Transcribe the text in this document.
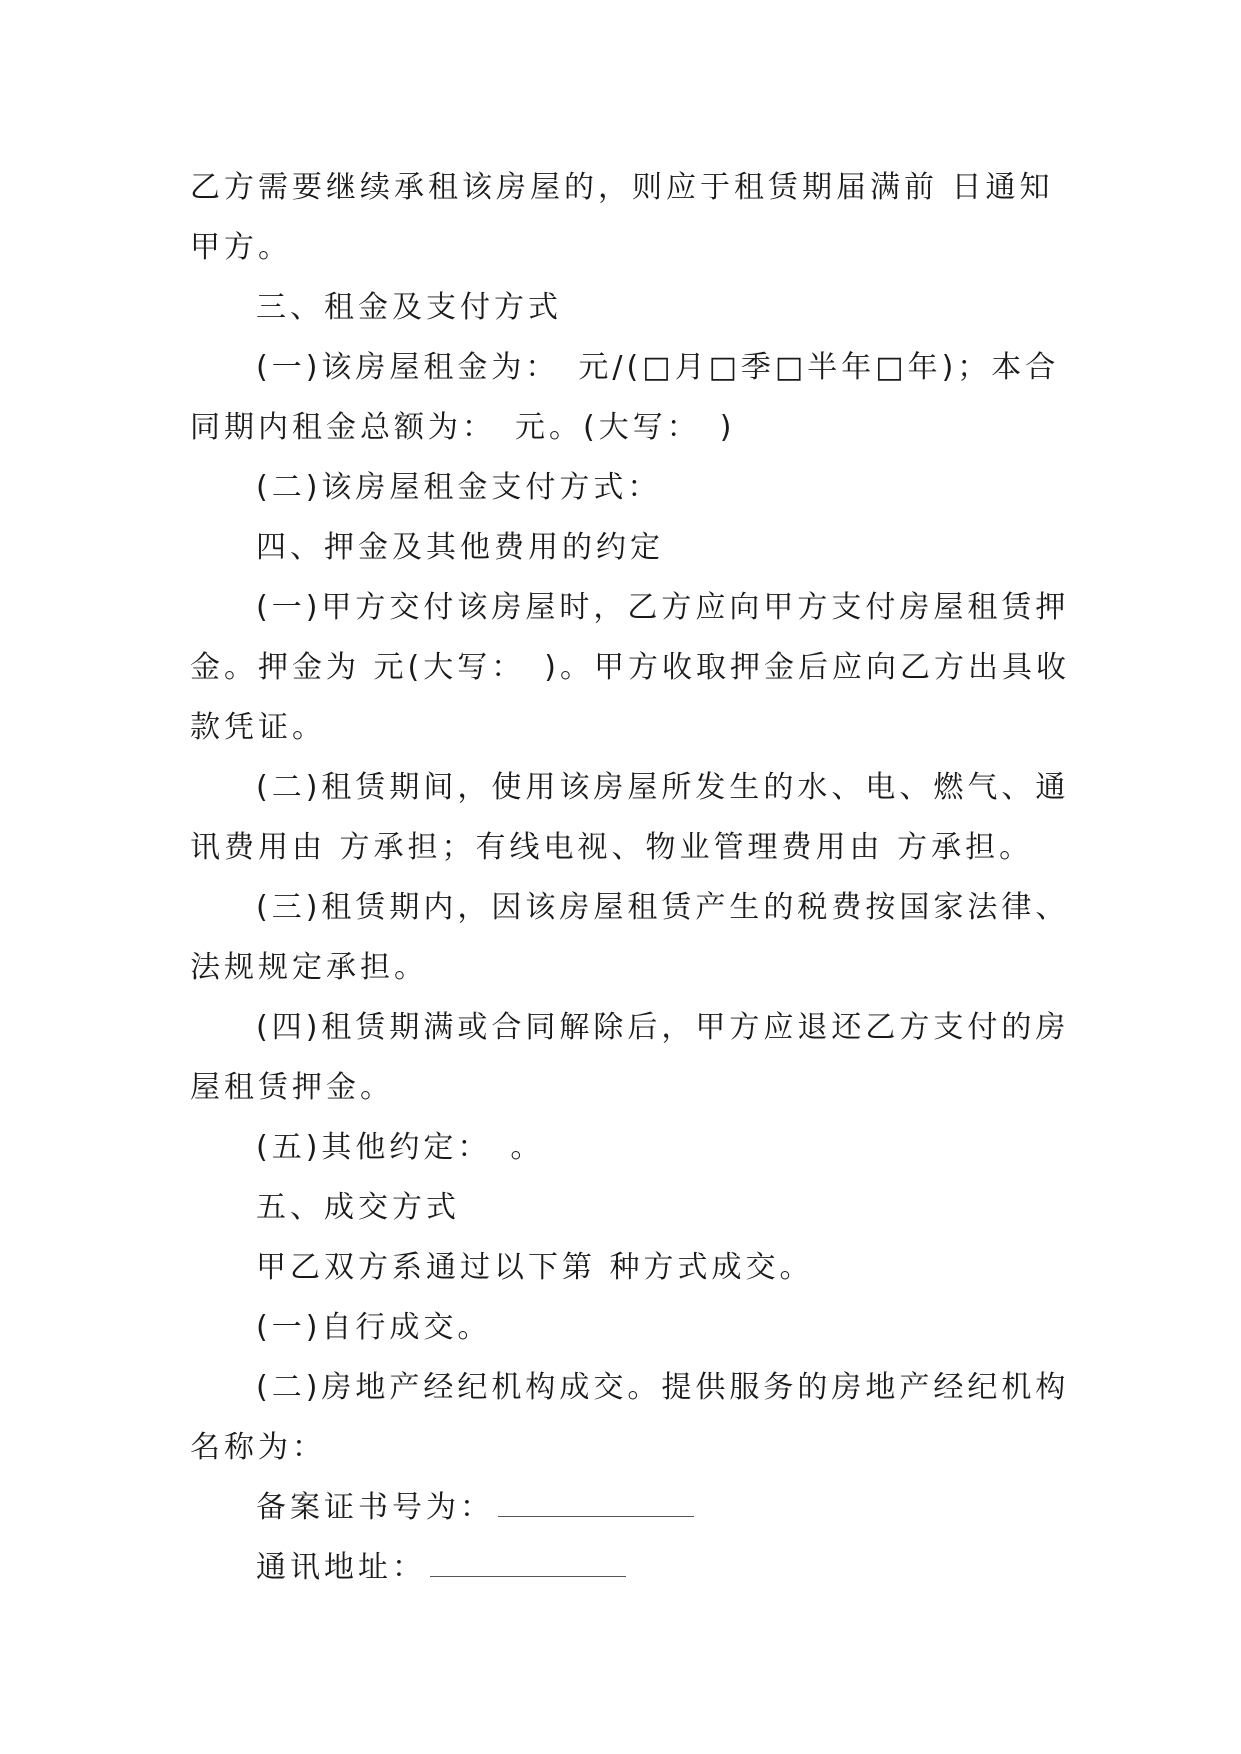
乙方需要继续承租该房屋的，则应于租赁期届满前 日通知

甲方。

三、租金及支付方式

(一)该房屋租金为：　元/(□月□季□半年□年)；本合

同期内租金总额为：　元。(大写：　)

(二)该房屋租金支付方式：

四、押金及其他费用的约定

(一)甲方交付该房屋时，乙方应向甲方支付房屋租赁押

金。押金为 元(大写：　)。甲方收取押金后应向乙方出具收

款凭证。

(二)租赁期间，使用该房屋所发生的水、电、燃气、通

讯费用由 方承担；有线电视、物业管理费用由 方承担。

(三)租赁期内，因该房屋租赁产生的税费按国家法律、

法规规定承担。

(四)租赁期满或合同解除后，甲方应退还乙方支付的房

屋租赁押金。

(五)其他约定：　。

五、成交方式

甲乙双方系通过以下第 种方式成交。

(一)自行成交。

(二)房地产经纪机构成交。提供服务的房地产经纪机构

名称为：

备案证书号为：
通讯地址：
